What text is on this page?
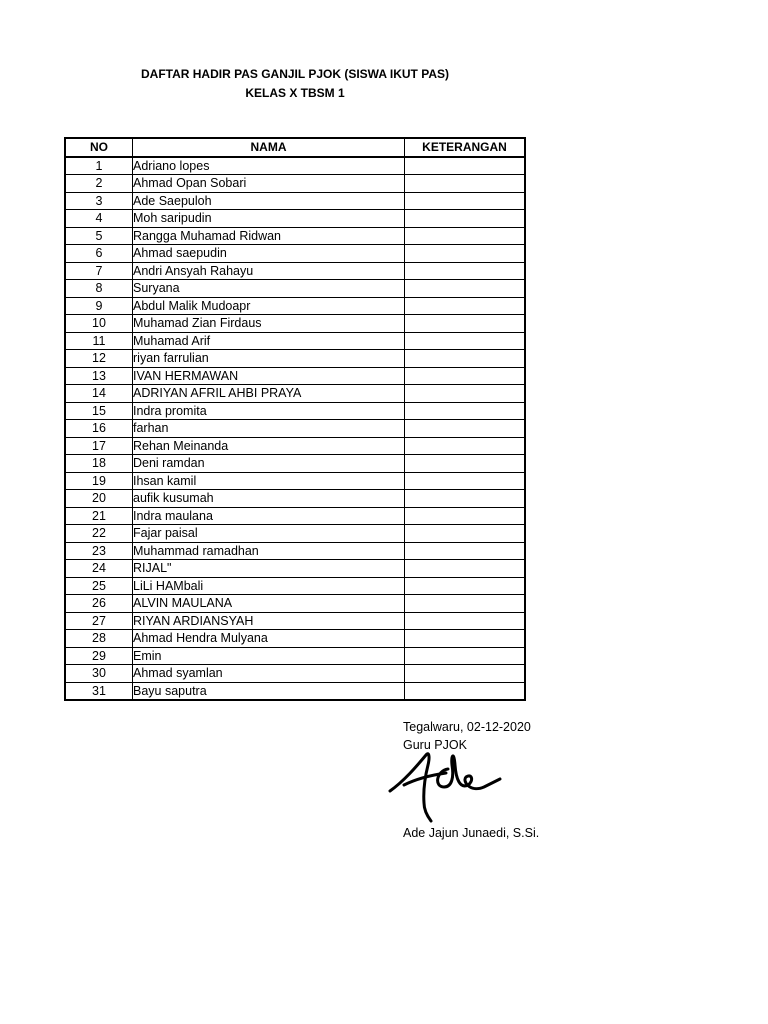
DAFTAR HADIR PAS GANJIL PJOK (SISWA IKUT PAS)
KELAS X TBSM 1
NO	NAMA	KETERANGAN
1	Adriano lopes	
2	Ahmad Opan Sobari	
3	Ade Saepuloh	
4	Moh saripudin	
5	Rangga Muhamad Ridwan	
6	Ahmad saepudin	
7	Andri Ansyah Rahayu	
8	Suryana	
9	Abdul Malik Mudoapr	
10	Muhamad Zian Firdaus	
11	Muhamad Arif	
12	riyan farrulian	
13	IVAN HERMAWAN	
14	ADRIYAN AFRIL AHBI PRAYA	
15	Indra promita	
16	farhan	
17	Rehan Meinanda	
18	Deni ramdan	
19	Ihsan kamil	
20	aufik kusumah	
21	Indra maulana	
22	Fajar paisal	
23	Muhammad ramadhan	
24	RIJAL"	
25	LiLi HAMbali	
26	ALVIN MAULANA	
27	RIYAN ARDIANSYAH	
28	Ahmad Hendra Mulyana	
29	Emin	
30	Ahmad syamlan	
31	Bayu saputra	
Tegalwaru, 02-12-2020
Guru PJOK
Ade Jajun Junaedi, S.Si.
